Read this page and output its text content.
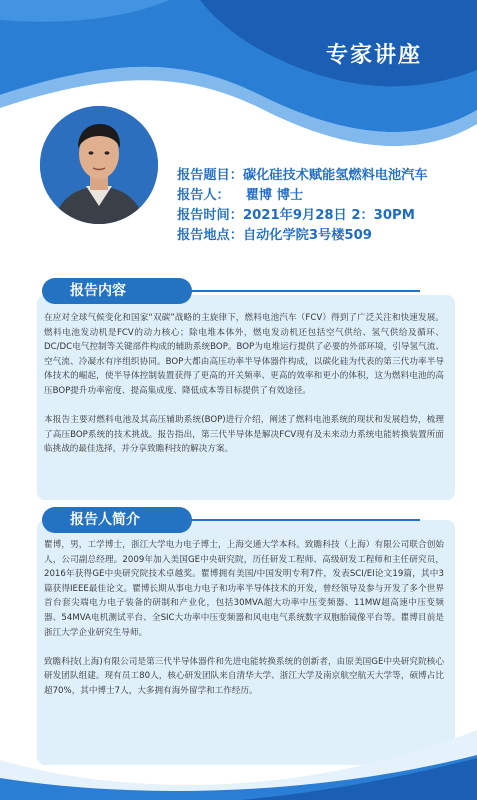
专家讲座
报告题目：碳化硅技术赋能氢燃料电池汽车
报告人： 瞿博 博士
报告时间：2021年9月28日 2：30PM
报告地点：自动化学院3号楼509
报告内容

在应对全球气候变化和国家“双碳”战略的主旋律下，燃料电池汽车（FCV）得到了广泛关注和快速发展。燃料电池发动机是FCV的动力核心；除电堆本体外，燃电发动机还包括空气供给、氢气供给及循环、DC/DC电气控制等关键部件构成的辅助系统BOP。BOP为电堆运行提供了必要的外部环境，引导氢气流、空气流、冷凝水有序组织协同。BOP大都由高压功率半导体器件构成，以碳化硅为代表的第三代功率半导体技术的崛起，使半导体控制装置获得了更高的开关频率、更高的效率和更小的体积，这为燃料电池的高压BOP提升功率密度、提高集成度、降低成本等目标提供了有效途径。

本报告主要对燃料电池及其高压辅助系统(BOP)进行介绍，阐述了燃料电池系统的现状和发展趋势，梳理了高压BOP系统的技术挑战。报告指出，第三代半导体是解决FCV现有及未来动力系统电能转换装置所面临挑战的最佳选择，并分享致瞻科技的解决方案。

报告人简介

瞿博，男，工学博士，浙江大学电力电子博士，上海交通大学本科。致瞻科技（上海）有限公司联合创始人，公司副总经理。2009年加入美国GE中央研究院，历任研发工程师、高级研发工程师和主任研究员，2016年获得GE中央研究院技术卓越奖。瞿博拥有美国/中国发明专利7件，发表SCI/EI论文19篇，其中3篇获得IEEE最佳论文。瞿博长期从事电力电子和功率半导体技术的开发，曾经领导及参与开发了多个世界首台套尖端电力电子装备的研制和产业化，包括30MVA超大功率中压变频器、11MW超高速中压变频器、54MVA电机测试平台、全SIC大功率中压变频器和风电电气系统数字双胞胎镜像平台等。瞿博目前是浙江大学企业研究生导师。

致瞻科技(上海)有限公司是第三代半导体器件和先进电能转换系统的创新者，由原美国GE中央研究院核心研发团队组建。现有员工80人，核心研发团队来自清华大学、浙江大学及南京航空航天大学等，硕博占比超70%，其中博士7人，大多拥有海外留学和工作经历。
